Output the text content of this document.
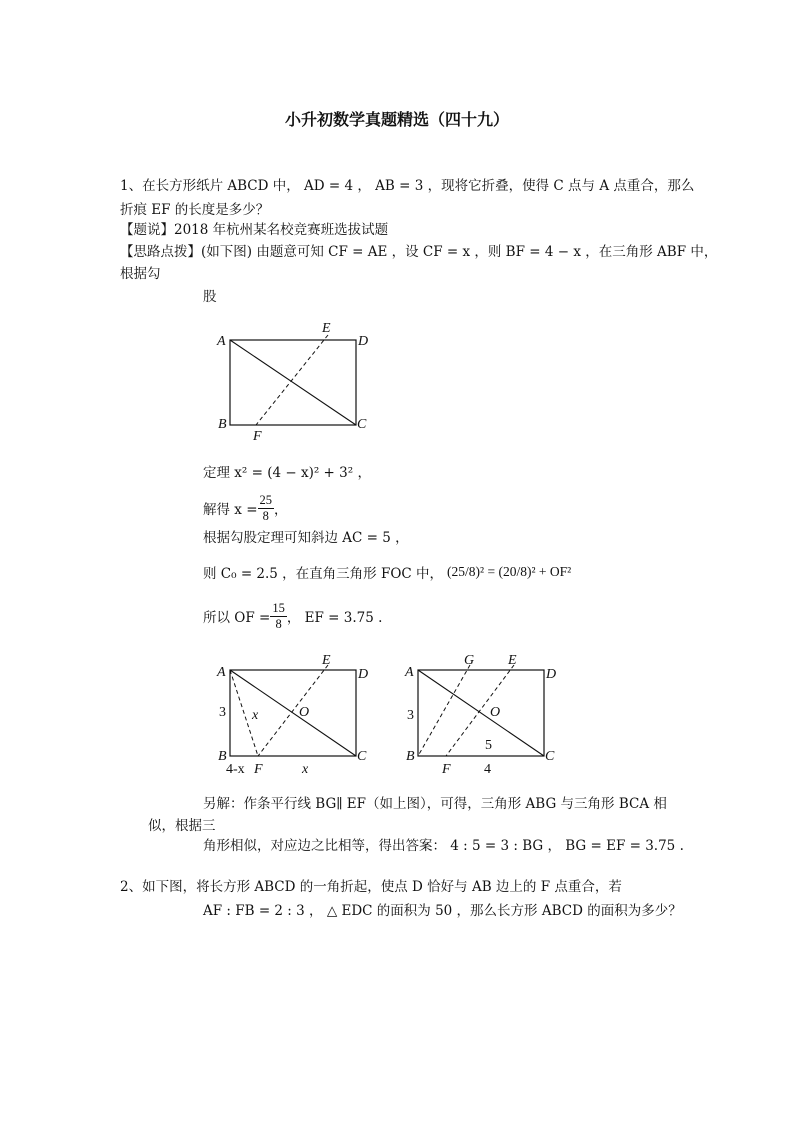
小升初数学真题精选（四十九）
1、在长方形纸片 ABCD 中， AD = 4 ， AB = 3 ，现将它折叠，使得 C 点与 A 点重合，那么
折痕 EF 的长度是多少？
【题说】2018 年杭州某名校竞赛班选拔试题
【思路点拨】(如下图) 由题意可知 CF = AE ，设 CF = x ，则 BF = 4 − x ，在三角形 ABF 中，
根据勾
股
A	D
B	C
E
F
定理 x² = (4 − x)² + 3² ，
解得 $x = \frac{25}{8}$ ，
根据勾股定理可知斜边 AC = 5 ，
则 C₀ = 2.5 ，在直角三角形 FOC 中， (25/8)² = (20/8)² + OF²
所以 OF = $\frac{15}{8}$ ， EF = 3.75 .
A	D
B	C
E
F
O
x
3
4-x	x
A	D
B	C
G E
F
O
3
5
4
另解：作条平行线 BG∥ EF（如上图），可得，三角形 ABG 与三角形 BCA 相
似，根据三
角形相似，对应边之比相等，得出答案： 4 : 5 = 3 : BG ， BG = EF = 3.75 .
2、如下图，将长方形 ABCD 的一角折起，使点 D 恰好与 AB 边上的 F 点重合，若
AF : FB = 2 : 3 ， △ EDC 的面积为 50 ，那么长方形 ABCD 的面积为多少？
